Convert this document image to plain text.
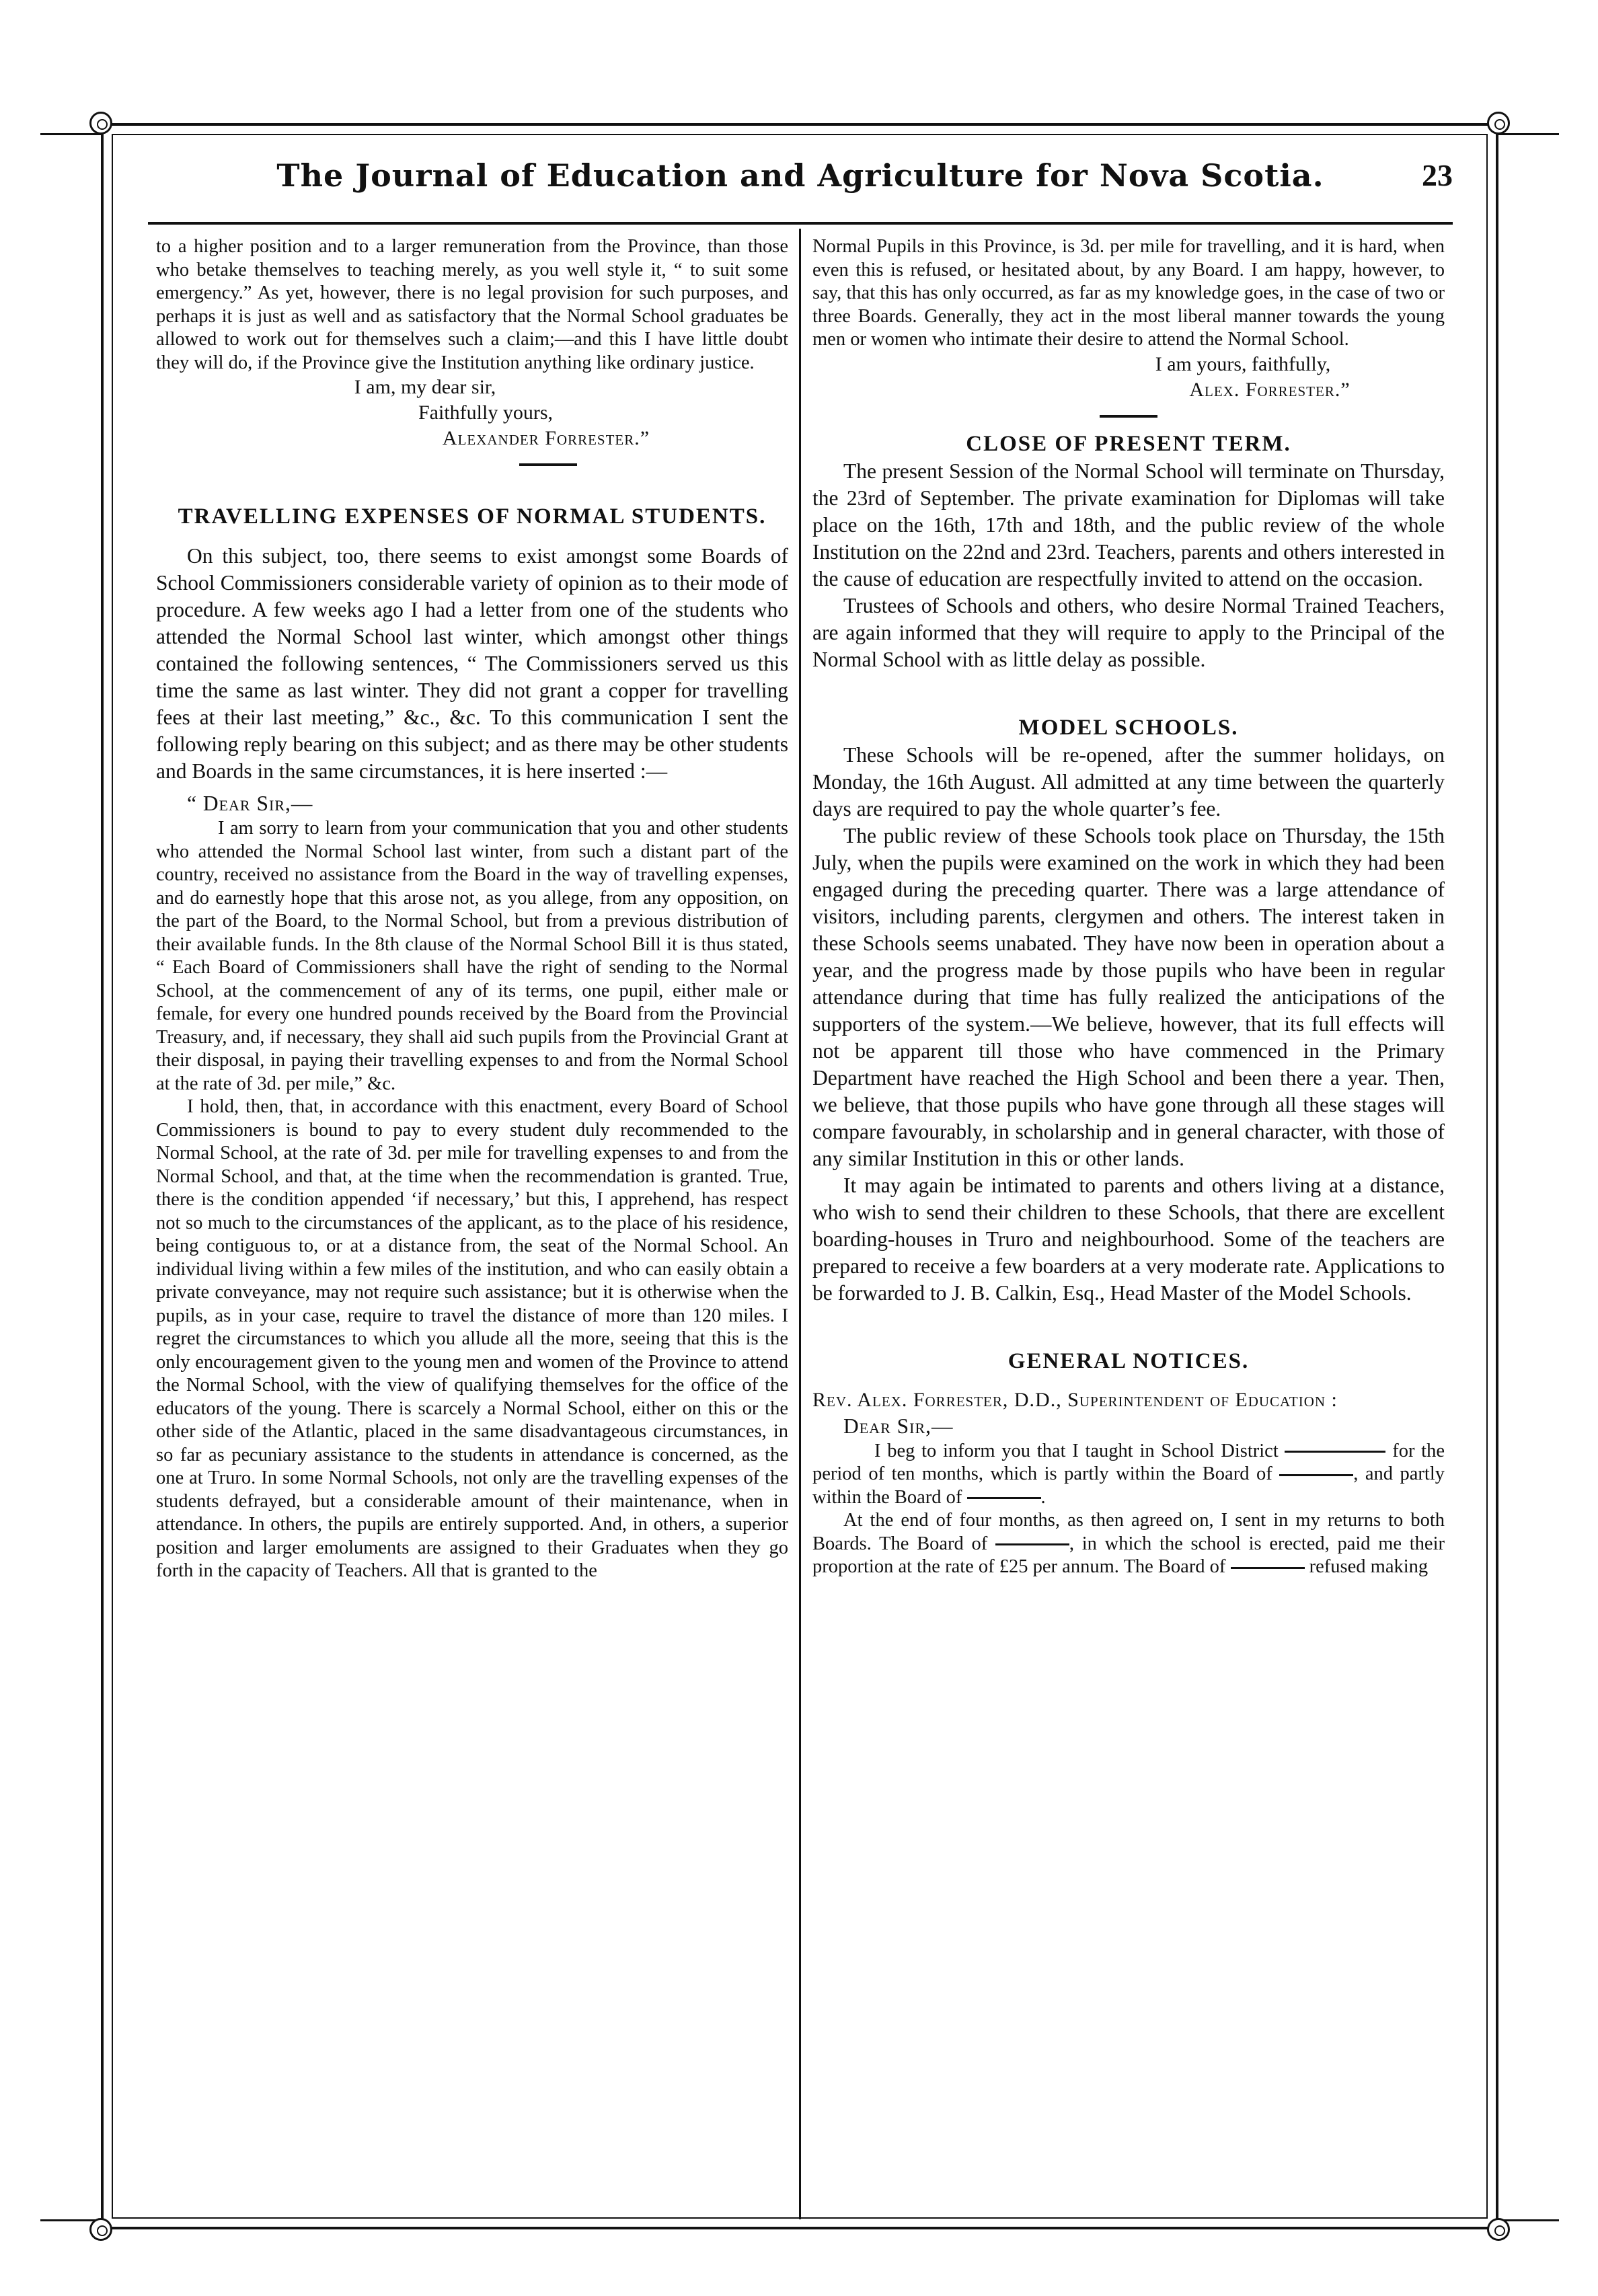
The Journal of Education and Agriculture for Nova Scotia.	23

to a higher position and to a larger remuneration from the Province, than those who betake themselves to teaching merely, as you well style it, “ to suit some emergency.” As yet, however, there is no legal provision for such purposes, and perhaps it is just as well and as satisfactory that the Normal School graduates be allowed to work out for themselves such a claim;—and this I have little doubt they will do, if the Province give the Institution anything like ordinary justice.

I am, my dear sir,
Faithfully yours,
Alexander Forrester.”
TRAVELLING EXPENSES OF NORMAL STUDENTS.

On this subject, too, there seems to exist amongst some Boards of School Commissioners considerable variety of opinion as to their mode of procedure. A few weeks ago I had a letter from one of the students who attended the Normal School last winter, which amongst other things contained the following sentences, “ The Commissioners served us this time the same as last winter. They did not grant a copper for travelling fees at their last meeting,” &c., &c. To this communication I sent the following reply bearing on this subject; and as there may be other students and Boards in the same circumstances, it is here inserted :—

“ Dear Sir,—

I am sorry to learn from your communication that you and other students who attended the Normal School last winter, from such a distant part of the country, received no assistance from the Board in the way of travelling expenses, and do earnestly hope that this arose not, as you allege, from any opposition, on the part of the Board, to the Normal School, but from a previous distribution of their available funds. In the 8th clause of the Normal School Bill it is thus stated, “ Each Board of Commissioners shall have the right of sending to the Normal School, at the commencement of any of its terms, one pupil, either male or female, for every one hundred pounds received by the Board from the Provincial Treasury, and, if necessary, they shall aid such pupils from the Provincial Grant at their disposal, in paying their travelling expenses to and from the Normal School at the rate of 3d. per mile,” &c.

I hold, then, that, in accordance with this enactment, every Board of School Commissioners is bound to pay to every student duly recommended to the Normal School, at the rate of 3d. per mile for travelling expenses to and from the Normal School, and that, at the time when the recommendation is granted. True, there is the condition appended ‘if necessary,’ but this, I apprehend, has respect not so much to the circumstances of the applicant, as to the place of his residence, being contiguous to, or at a distance from, the seat of the Normal School. An individual living within a few miles of the institution, and who can easily obtain a private conveyance, may not require such assistance; but it is otherwise when the pupils, as in your case, require to travel the distance of more than 120 miles. I regret the circumstances to which you allude all the more, seeing that this is the only encouragement given to the young men and women of the Province to attend the Normal School, with the view of qualifying themselves for the office of the educators of the young. There is scarcely a Normal School, either on this or the other side of the Atlantic, placed in the same disadvantageous circumstances, in so far as pecuniary assistance to the students in attendance is concerned, as the one at Truro. In some Normal Schools, not only are the travelling expenses of the students defrayed, but a considerable amount of their maintenance, when in attendance. In others, the pupils are entirely supported. And, in others, a superior position and larger emoluments are assigned to their Graduates when they go forth in the capacity of Teachers. All that is granted to the

Normal Pupils in this Province, is 3d. per mile for travelling, and it is hard, when even this is refused, or hesitated about, by any Board. I am happy, however, to say, that this has only occurred, as far as my knowledge goes, in the case of two or three Boards. Generally, they act in the most liberal manner towards the young men or women who intimate their desire to attend the Normal School.

I am yours, faithfully,
Alex. Forrester.”
CLOSE OF PRESENT TERM.

The present Session of the Normal School will terminate on Thursday, the 23rd of September. The private examination for Diplomas will take place on the 16th, 17th and 18th, and the public review of the whole Institution on the 22nd and 23rd. Teachers, parents and others interested in the cause of education are respectfully invited to attend on the occasion.

Trustees of Schools and others, who desire Normal Trained Teachers, are again informed that they will require to apply to the Principal of the Normal School with as little delay as possible.

MODEL SCHOOLS.

These Schools will be re-opened, after the summer holidays, on Monday, the 16th August. All admitted at any time between the quarterly days are required to pay the whole quarter’s fee.

The public review of these Schools took place on Thursday, the 15th July, when the pupils were examined on the work in which they had been engaged during the preceding quarter. There was a large attendance of visitors, including parents, clergymen and others. The interest taken in these Schools seems unabated. They have now been in operation about a year, and the progress made by those pupils who have been in regular attendance during that time has fully realized the anticipations of the supporters of the system.—We believe, however, that its full effects will not be apparent till those who have commenced in the Primary Department have reached the High School and been there a year. Then, we believe, that those pupils who have gone through all these stages will compare favourably, in scholarship and in general character, with those of any similar Institution in this or other lands.

It may again be intimated to parents and others living at a distance, who wish to send their children to these Schools, that there are excellent boarding-houses in Truro and neighbourhood. Some of the teachers are prepared to receive a few boarders at a very moderate rate. Applications to be forwarded to J. B. Calkin, Esq., Head Master of the Model Schools.

GENERAL NOTICES.
Rev. Alex. Forrester, D.D., Superintendent of Education :

Dear Sir,—

I beg to inform you that I taught in School District	for the period of ten months, which is partly within the Board of	, and partly within the Board of	.

At the end of four months, as then agreed on, I sent in my returns to both Boards. The Board of	, in which the school is erected, paid me their proportion at the rate of £25 per annum. The Board of	refused making
